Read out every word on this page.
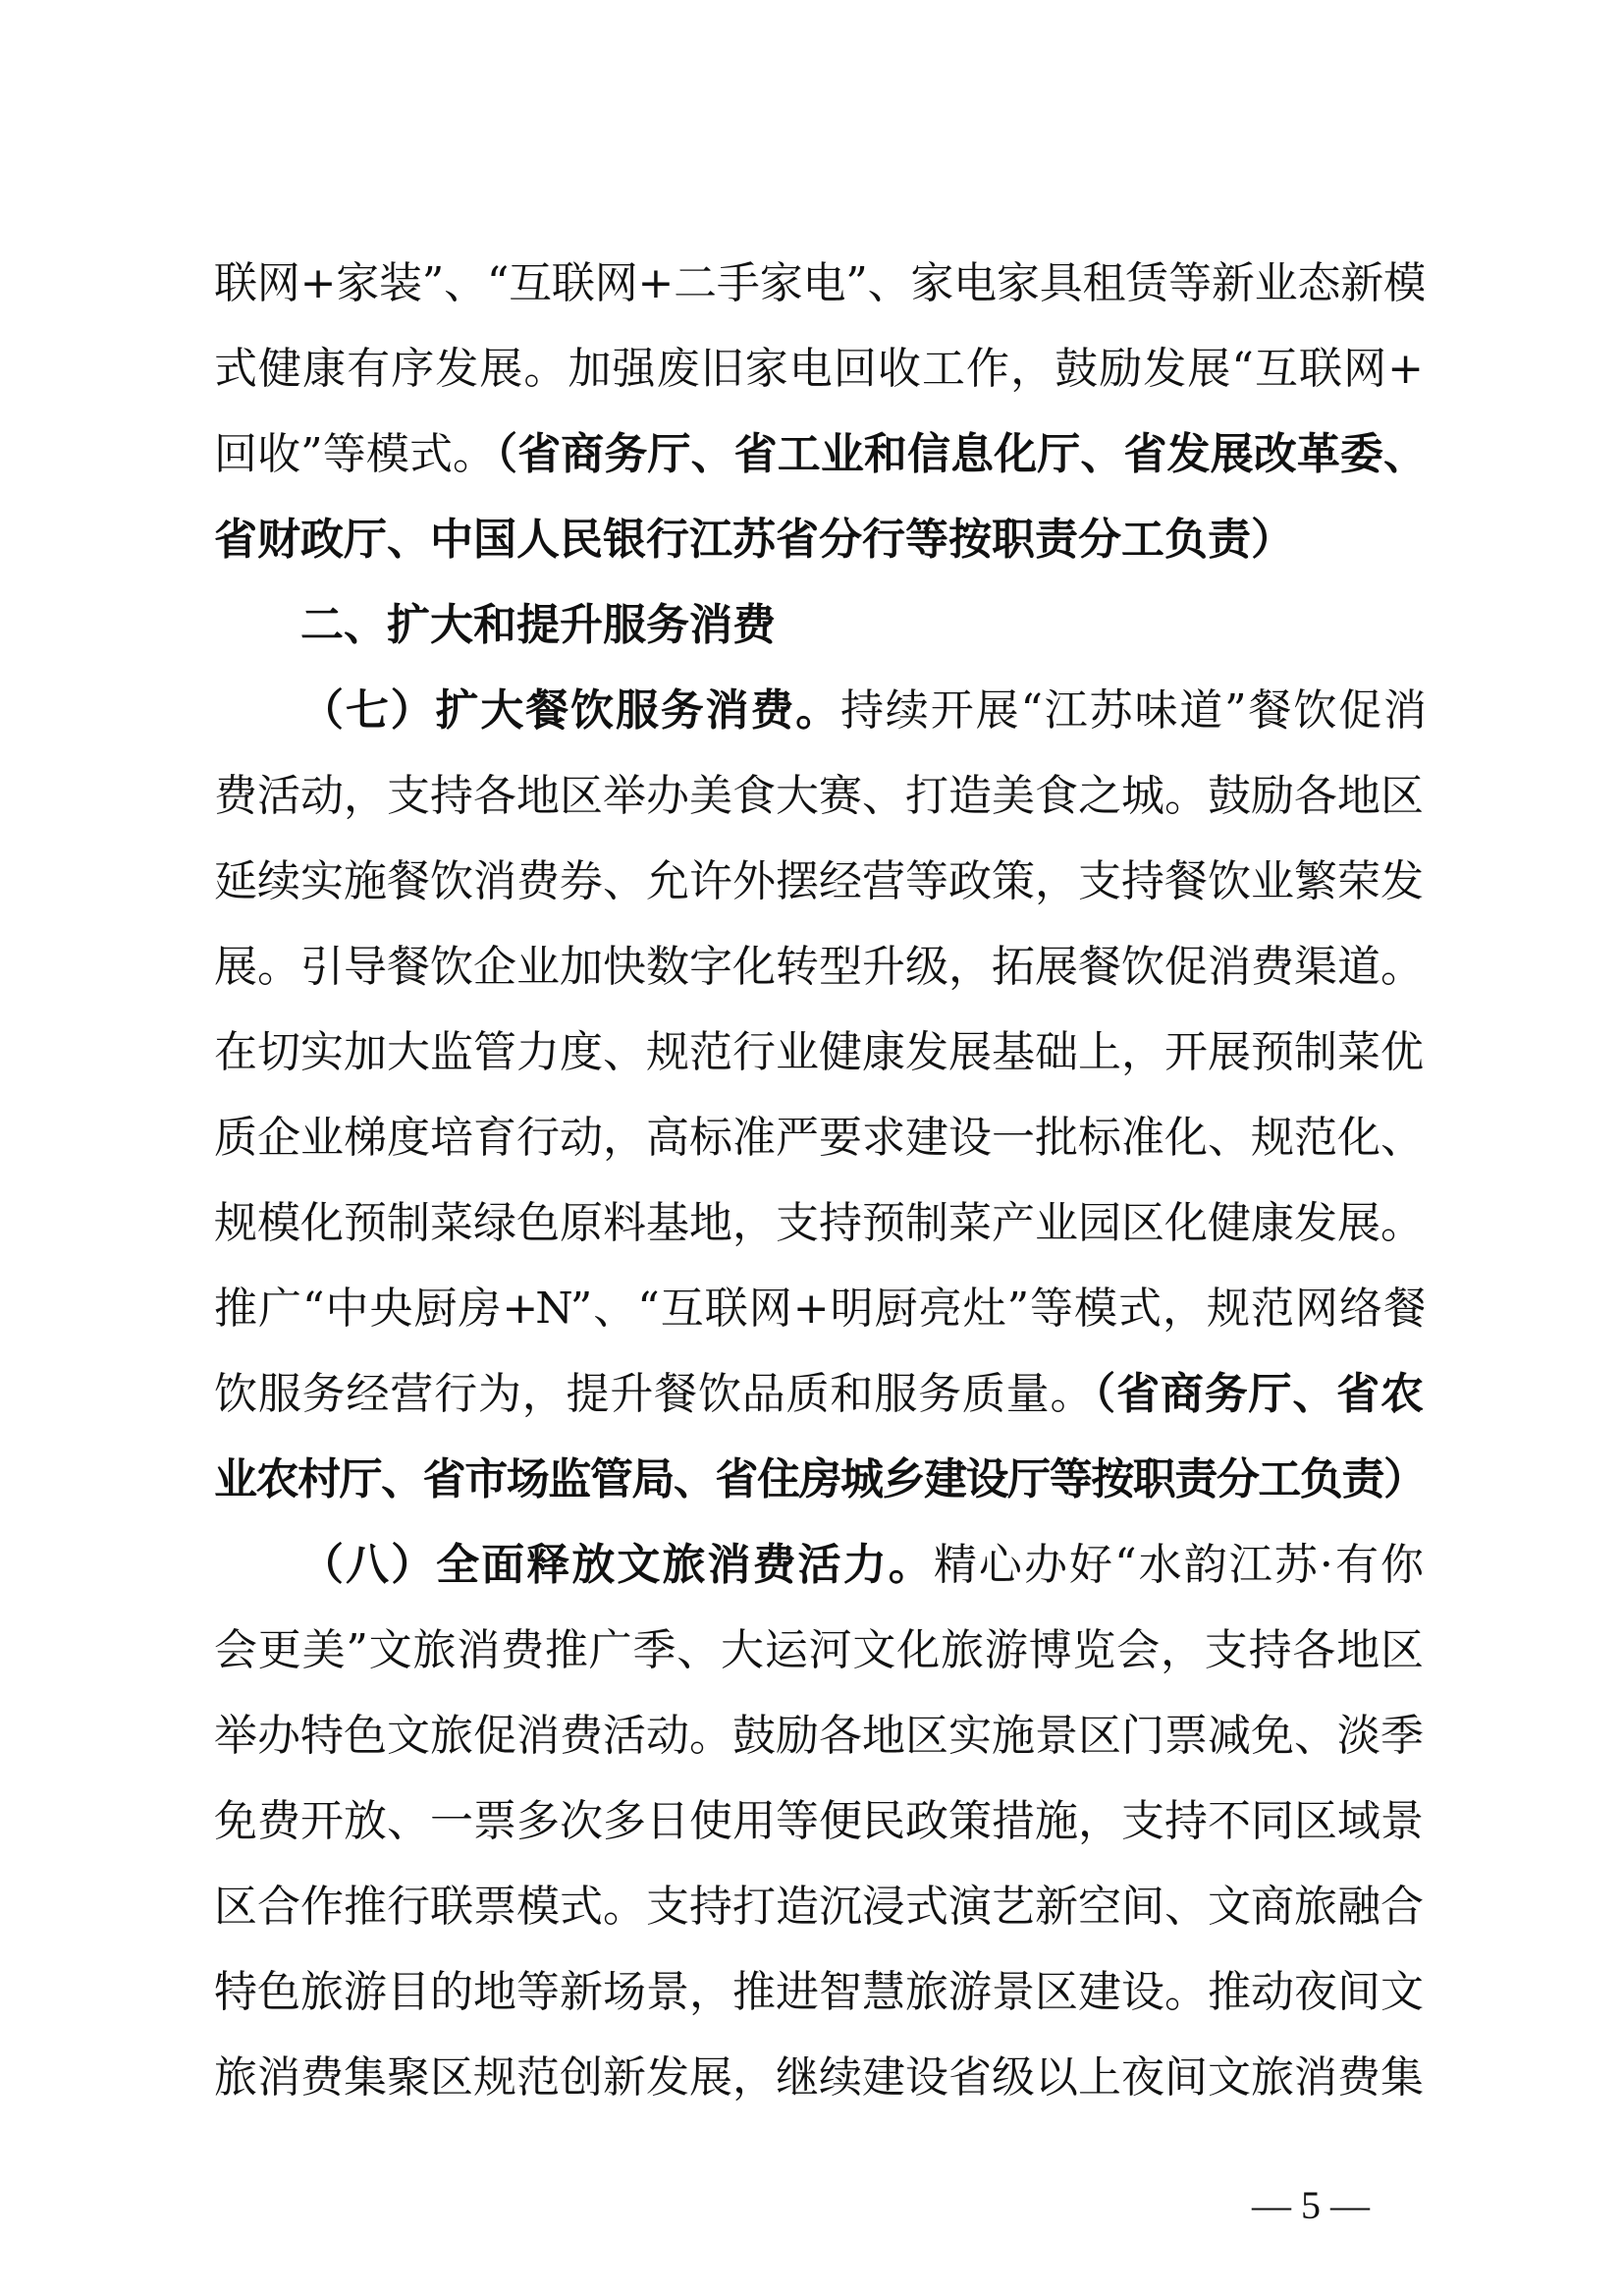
联网+家装”、“互联网+二手家电”、家电家具租赁等新业态新模
式健康有序发展。加强废旧家电回收工作，鼓励发展“互联网+
回收”等模式。（省商务厅、省工业和信息化厅、省发展改革委、
省财政厅、中国人民银行江苏省分行等按职责分工负责）
二、扩大和提升服务消费
（七）扩大餐饮服务消费。持续开展“江苏味道”餐饮促消
费活动，支持各地区举办美食大赛、打造美食之城。鼓励各地区
延续实施餐饮消费券、允许外摆经营等政策，支持餐饮业繁荣发
展。引导餐饮企业加快数字化转型升级，拓展餐饮促消费渠道。
在切实加大监管力度、规范行业健康发展基础上，开展预制菜优
质企业梯度培育行动，高标准严要求建设一批标准化、规范化、
规模化预制菜绿色原料基地，支持预制菜产业园区化健康发展。
推广“中央厨房+N”、“互联网+明厨亮灶”等模式，规范网络餐
饮服务经营行为，提升餐饮品质和服务质量。（省商务厅、省农
业农村厅、省市场监管局、省住房城乡建设厅等按职责分工负责）
（八）全面释放文旅消费活力。精心办好“水韵江苏·有你
会更美”文旅消费推广季、大运河文化旅游博览会，支持各地区
举办特色文旅促消费活动。鼓励各地区实施景区门票减免、淡季
免费开放、一票多次多日使用等便民政策措施，支持不同区域景
区合作推行联票模式。支持打造沉浸式演艺新空间、文商旅融合
特色旅游目的地等新场景，推进智慧旅游景区建设。推动夜间文
旅消费集聚区规范创新发展，继续建设省级以上夜间文旅消费集
— 5 —
